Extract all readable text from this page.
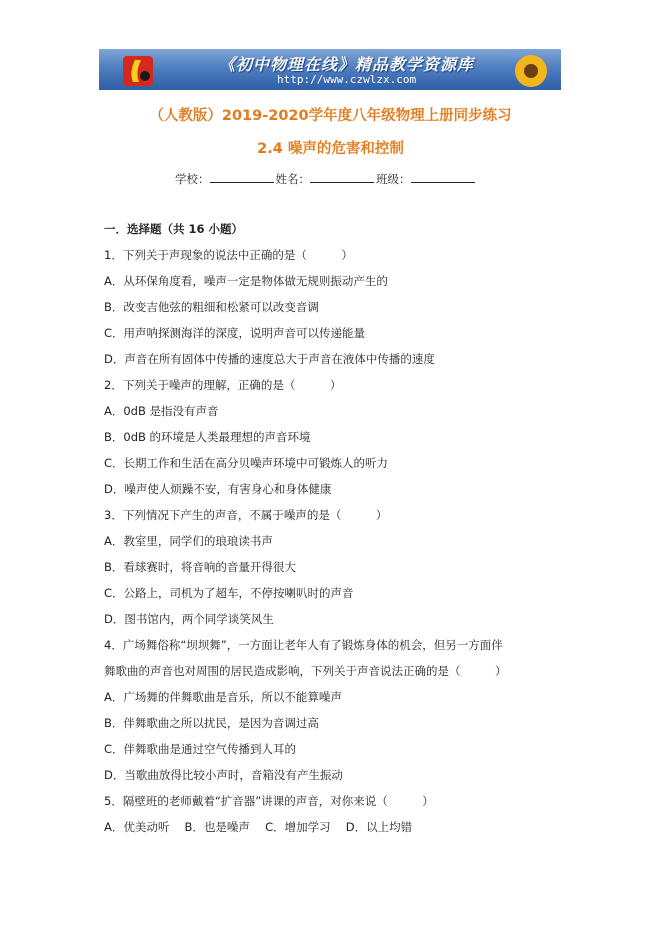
《初中物理在线》精品教学资源库
http://www.czwlzx.com
（人教版）2019-2020学年度八年级物理上册同步练习
2.4 噪声的危害和控制
学校：	姓名：	班级：
一．选择题（共 16 小题）
1．下列关于声现象的说法中正确的是（　　　）
A．从环保角度看，噪声一定是物体做无规则振动产生的
B．改变吉他弦的粗细和松紧可以改变音调
C．用声呐探测海洋的深度，说明声音可以传递能量
D．声音在所有固体中传播的速度总大于声音在液体中传播的速度
2．下列关于噪声的理解，正确的是（　　　）
A．0dB 是指没有声音
B．0dB 的环境是人类最理想的声音环境
C．长期工作和生活在高分贝噪声环境中可锻炼人的听力
D．噪声使人烦躁不安，有害身心和身体健康
3．下列情况下产生的声音，不属于噪声的是（　　　）
A．教室里，同学们的琅琅读书声
B．看球赛时，将音响的音量开得很大
C．公路上，司机为了超车，不停按喇叭时的声音
D．图书馆内，两个同学谈笑风生
4．广场舞俗称“坝坝舞”，一方面让老年人有了锻炼身体的机会，但另一方面伴
舞歌曲的声音也对周围的居民造成影响，下列关于声音说法正确的是（　　　）
A．广场舞的伴舞歌曲是音乐，所以不能算噪声
B．伴舞歌曲之所以扰民，是因为音调过高
C．伴舞歌曲是通过空气传播到人耳的
D．当歌曲放得比较小声时，音箱没有产生振动
5．隔壁班的老师戴着“扩音器”讲课的声音，对你来说（　　　）
A．优美动听　 B．也是噪声　 C．增加学习　 D．以上均错
